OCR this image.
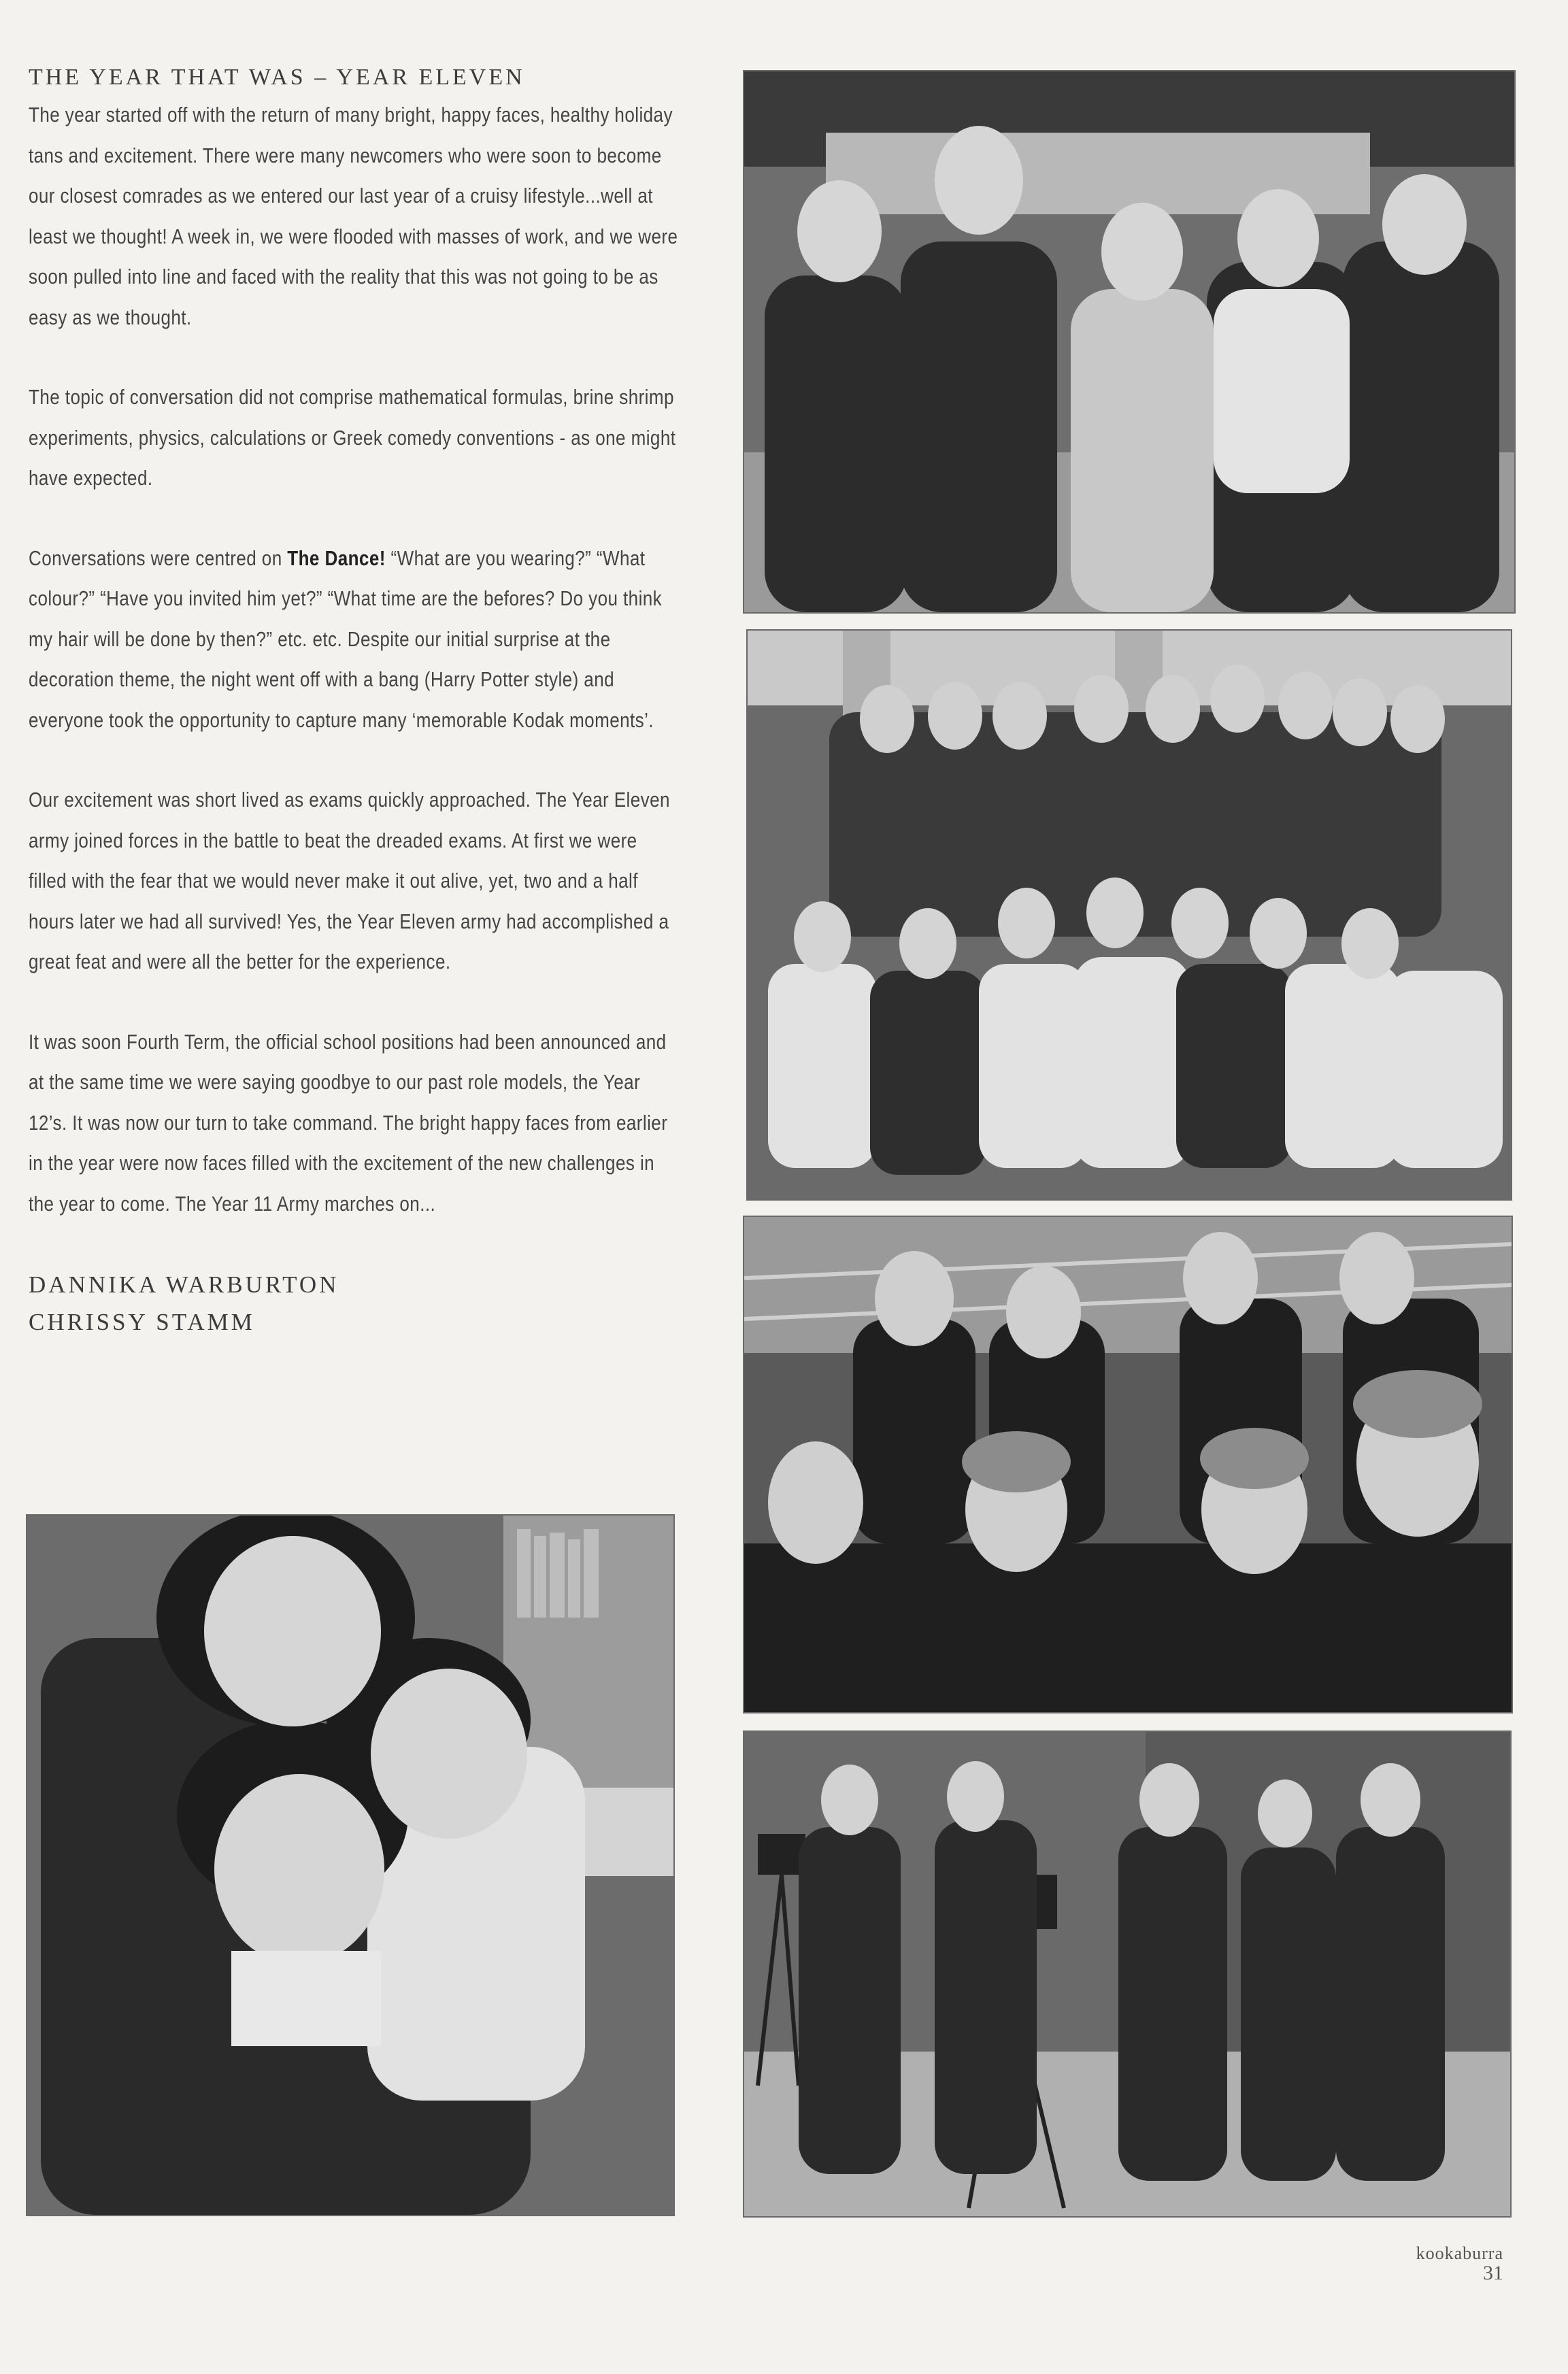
THE YEAR THAT WAS – YEAR ELEVEN

The year started off with the return of many bright, happy faces, healthy holiday tans and excitement. There were many newcomers who were soon to become our closest comrades as we entered our last year of a cruisy lifestyle...well at least we thought! A week in, we were flooded with masses of work, and we were soon pulled into line and faced with the reality that this was not going to be as easy as we thought.

The topic of conversation did not comprise mathematical formulas, brine shrimp experiments, physics, calculations or Greek comedy conventions - as one might have expected.

Conversations were centred on The Dance! “What are you wearing?” “What colour?” “Have you invited him yet?” “What time are the befores? Do you think my hair will be done by then?” etc. etc. Despite our initial surprise at the decoration theme, the night went off with a bang (Harry Potter style) and everyone took the opportunity to capture many ‘memorable Kodak moments’.

Our excitement was short lived as exams quickly approached. The Year Eleven army joined forces in the battle to beat the dreaded exams. At first we were filled with the fear that we would never make it out alive, yet, two and a half hours later we had all survived! Yes, the Year Eleven army had accomplished a great feat and were all the better for the experience.

It was soon Fourth Term, the official school positions had been announced and at the same time we were saying goodbye to our past role models, the Year 12’s. It was now our turn to take command. The bright happy faces from earlier in the year were now faces filled with the excitement of the new challenges in the year to come. The Year 11 Army marches on...

DANNIKA WARBURTON
CHRISSY STAMM
kookaburra
31
